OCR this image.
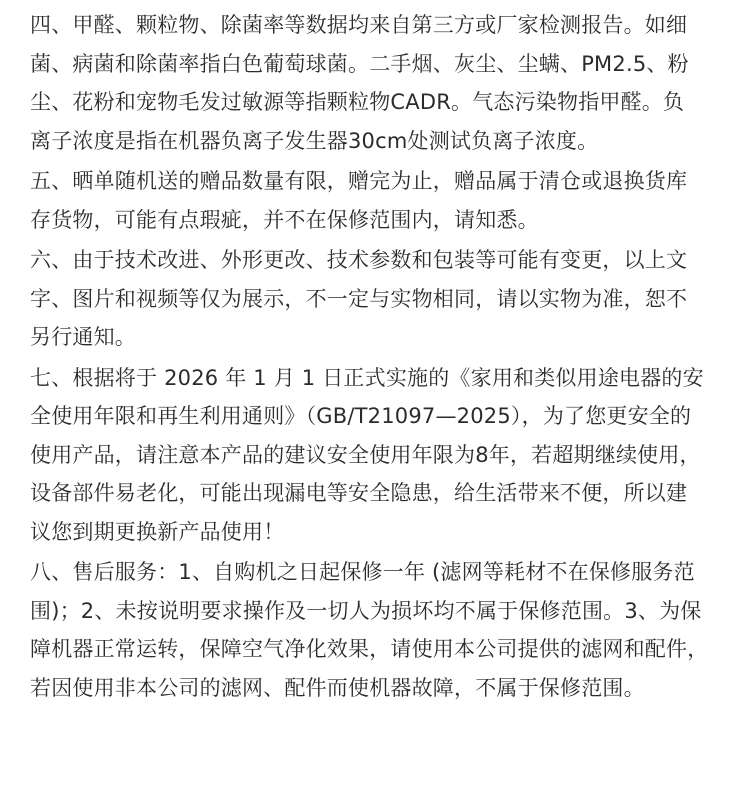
四、甲醛、颗粒物、除菌率等数据均来自第三方或厂家检测报告。如细
菌、病菌和除菌率指白色葡萄球菌。二手烟、灰尘、尘螨、PM2.5、粉
尘、花粉和宠物毛发过敏源等指颗粒物CADR。气态污染物指甲醛。负
离子浓度是指在机器负离子发生器30cm处测试负离子浓度。
五、晒单随机送的赠品数量有限，赠完为止，赠品属于清仓或退换货库
存货物，可能有点瑕疵，并不在保修范围内，请知悉。
六、由于技术改进、外形更改、技术参数和包装等可能有变更，以上文
字、图片和视频等仅为展示，不一定与实物相同，请以实物为准，恕不
另行通知。
七、根据将于 2026 年 1 月 1 日正式实施的《家用和类似用途电器的安
全使用年限和再生利用通则》（GB/T21097—2025），为了您更安全的
使用产品，请注意本产品的建议安全使用年限为8年，若超期继续使用，
设备部件易老化，可能出现漏电等安全隐患，给生活带来不便，所以建
议您到期更换新产品使用！
八、售后服务：1、自购机之日起保修一年 (滤网等耗材不在保修服务范
围)；2、未按说明要求操作及一切人为损坏均不属于保修范围。3、为保
障机器正常运转，保障空气净化效果，请使用本公司提供的滤网和配件，
若因使用非本公司的滤网、配件而使机器故障，不属于保修范围。
